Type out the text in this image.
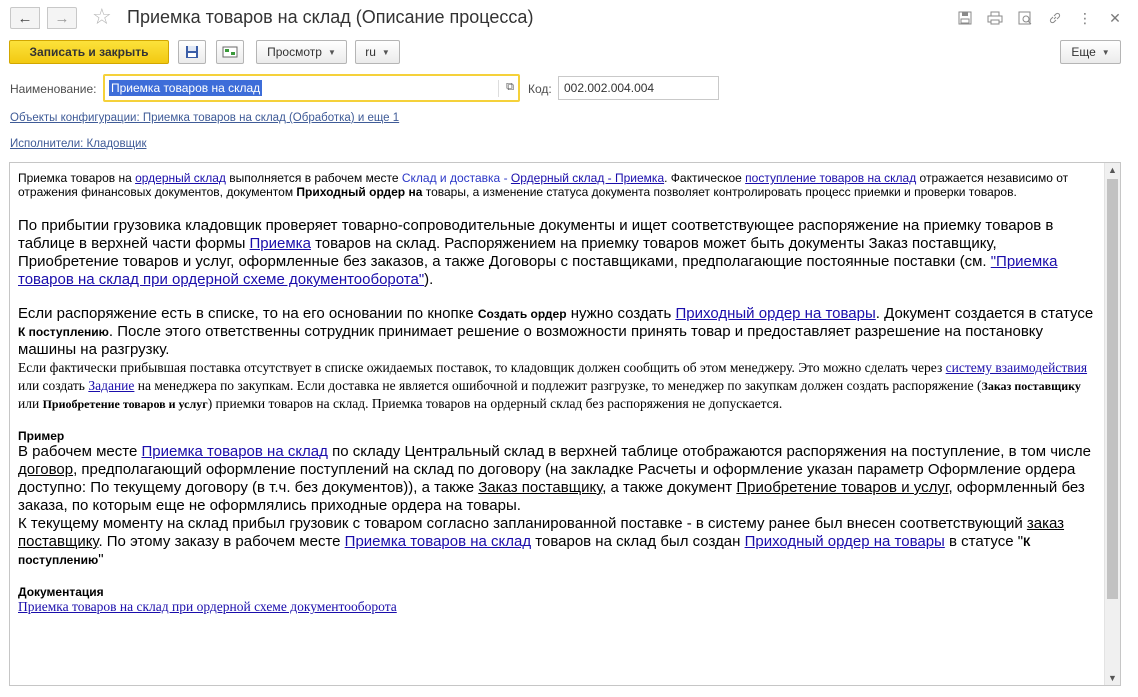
← → ☆ Приемка товаров на склад (Описание процесса)	⋮	✕
Записать и закрыть	Просмотр ▼ ru ▼	Еще ▼
Наименование: Приемка товаров на склад	⧉ Код:	002.002.004.004
Объекты конфигурации: Приемка товаров на склад (Обработка) и еще 1
Исполнители: Кладовщик
Приемка товаров на ордерный склад выполняется в рабочем месте Склад и доставка - Ордерный склад - Приемка. Фактическое поступление товаров на склад отражается независимо от отражения финансовых документов, документом Приходный ордер на товары, а изменение статуса документа позволяет контролировать процесс приемки и проверки товаров.
По прибытии грузовика кладовщик проверяет товарно-сопроводительные документы и ищет соответствующее распоряжение на приемку товаров в таблице в верхней части формы Приемка товаров на склад. Распоряжением на приемку товаров может быть документы Заказ поставщику, Приобретение товаров и услуг, оформленные без заказов, а также Договоры с поставщиками, предполагающие постоянные поставки (см. "Приемка товаров на склад при ордерной схеме документооборота").
Если распоряжение есть в списке, то на его основании по кнопке Создать ордер нужно создать Приходный ордер на товары. Документ создается в статусе К поступлению. После этого ответственны сотрудник принимает решение о возможности принять товар и предоставляет разрешение на постановку машины на разгрузку.
Если фактически прибывшая поставка отсутствует в списке ожидаемых поставок, то кладовщик должен сообщить об этом менеджеру. Это можно сделать через систему взаимодействия или создать Задание на менеджера по закупкам. Если доставка не является ошибочной и подлежит разгрузке, то менеджер по закупкам должен создать распоряжение (Заказ поставщику или Приобретение товаров и услуг) приемки товаров на склад. Приемка товаров на ордерный склад без распоряжения не допускается.
Пример
В рабочем месте Приемка товаров на склад по складу Центральный склад в верхней таблице отображаются распоряжения на поступление, в том числе договор, предполагающий оформление поступлений на склад по договору (на закладке Расчеты и оформление указан параметр Оформление ордера доступно: По текущему договору (в т.ч. без документов)), а также Заказ поставщику, а также документ Приобретение товаров и услуг, оформленный без заказа, по которым еще не оформлялись приходные ордера на товары.
К текущему моменту на склад прибыл грузовик с товаром согласно запланированной поставке - в систему ранее был внесен соответствующий заказ поставщику. По этому заказу в рабочем месте Приемка товаров на склад товаров на склад был создан Приходный ордер на товары в статусе "К поступлению"
Документация
Приемка товаров на склад при ордерной схеме документооборота
▲
▼
